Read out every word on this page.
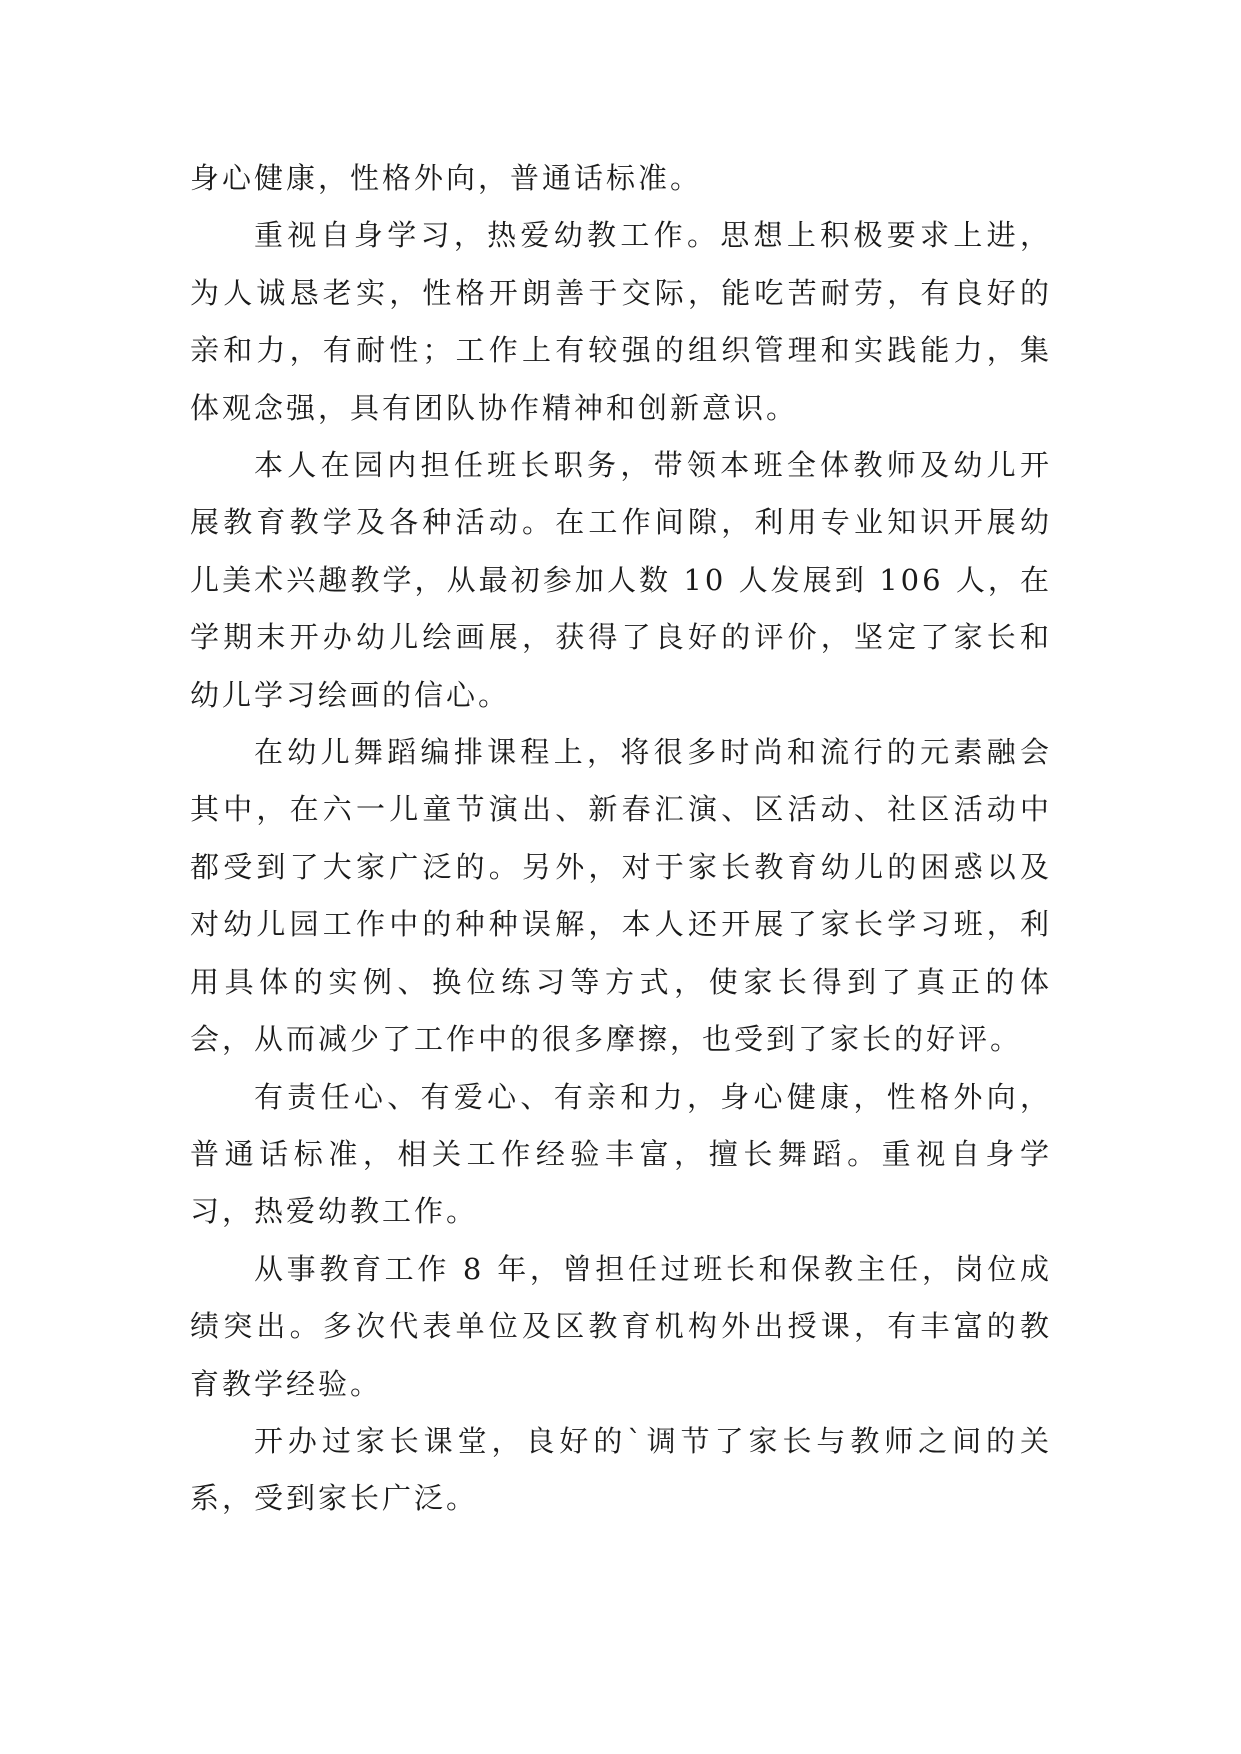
身心健康，性格外向，普通话标准。

重视自身学习，热爱幼教工作。思想上积极要求上进，为人诚恳老实，性格开朗善于交际，能吃苦耐劳，有良好的亲和力，有耐性；工作上有较强的组织管理和实践能力，集体观念强，具有团队协作精神和创新意识。

本人在园内担任班长职务，带领本班全体教师及幼儿开展教育教学及各种活动。在工作间隙，利用专业知识开展幼儿美术兴趣教学，从最初参加人数 10 人发展到 106 人，在学期末开办幼儿绘画展，获得了良好的评价，坚定了家长和幼儿学习绘画的信心。

在幼儿舞蹈编排课程上，将很多时尚和流行的元素融会其中，在六一儿童节演出、新春汇演、区活动、社区活动中都受到了大家广泛的。另外，对于家长教育幼儿的困惑以及对幼儿园工作中的种种误解，本人还开展了家长学习班，利用具体的实例、换位练习等方式，使家长得到了真正的体会，从而减少了工作中的很多摩擦，也受到了家长的好评。

有责任心、有爱心、有亲和力，身心健康，性格外向，普通话标准，相关工作经验丰富，擅长舞蹈。重视自身学习，热爱幼教工作。

从事教育工作 8 年，曾担任过班长和保教主任，岗位成绩突出。多次代表单位及区教育机构外出授课，有丰富的教育教学经验。

开办过家长课堂，良好的`调节了家长与教师之间的关系，受到家长广泛。
